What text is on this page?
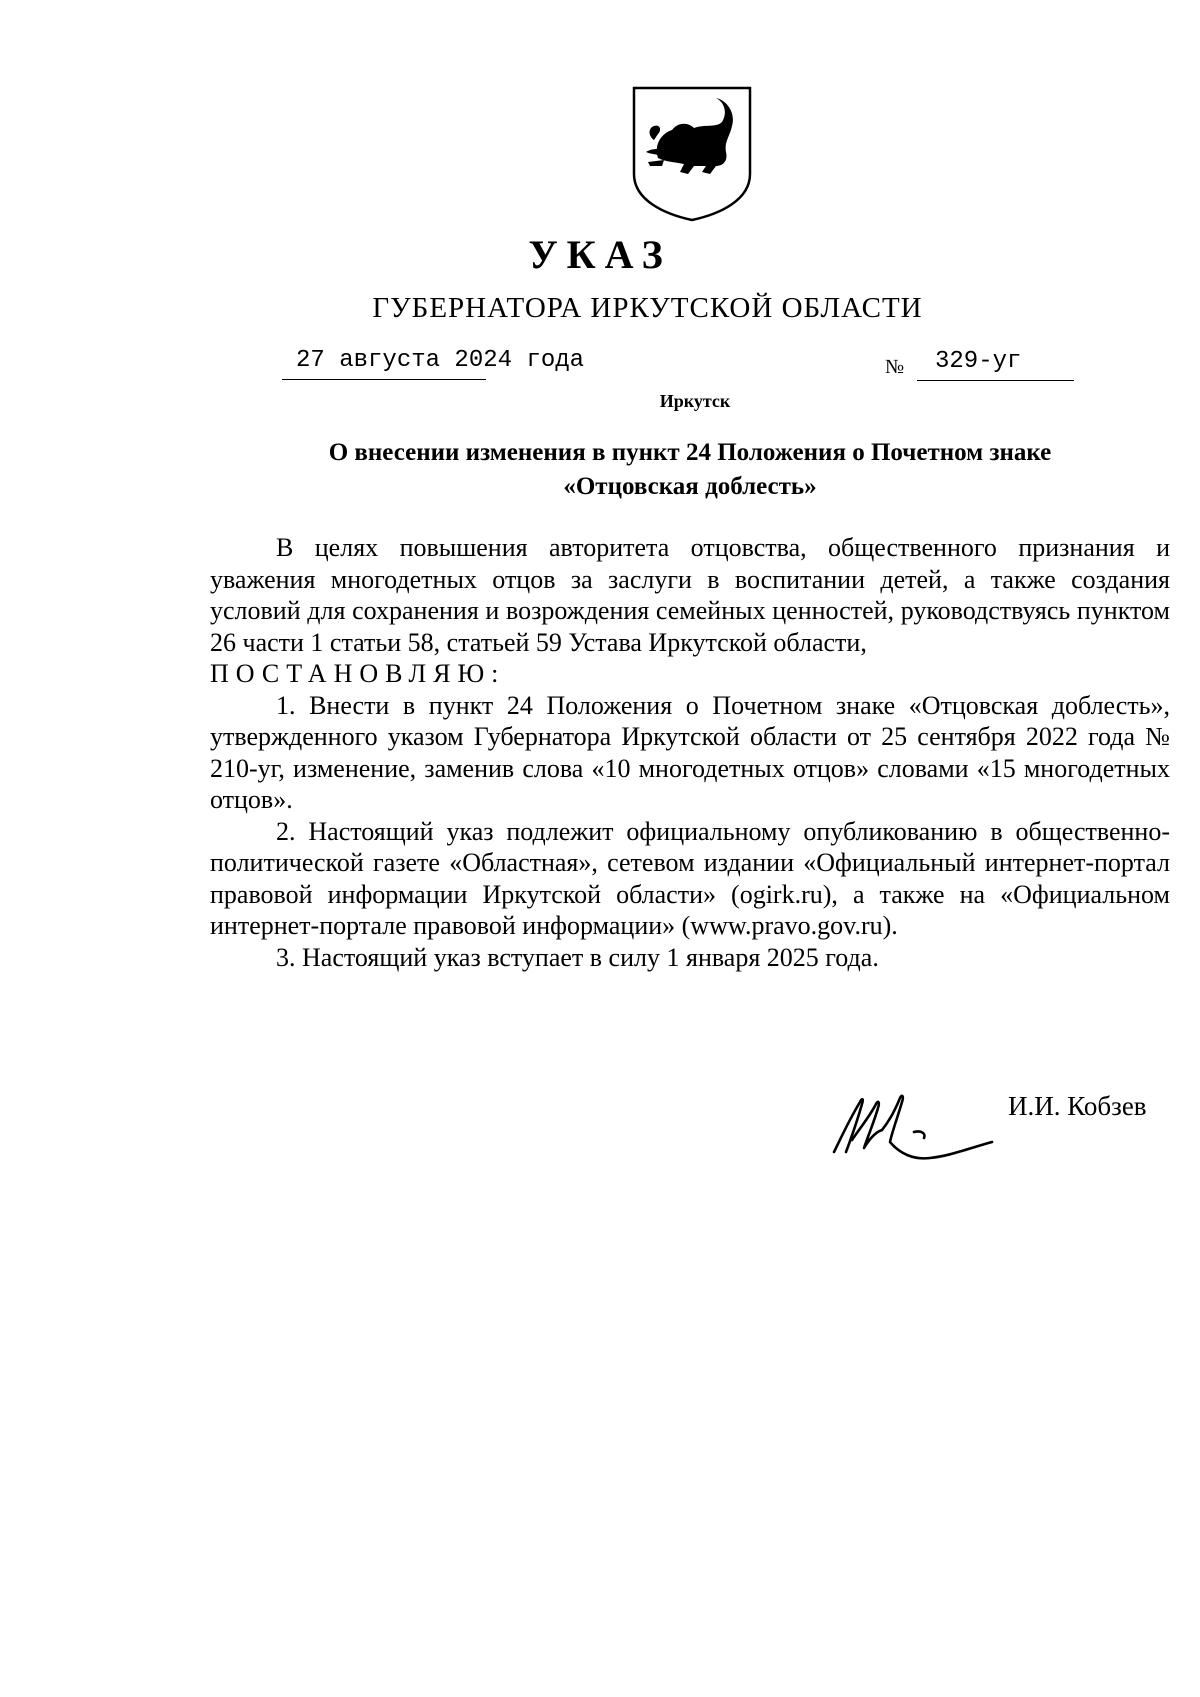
УКАЗ
ГУБЕРНАТОРА ИРКУТСКОЙ ОБЛАСТИ
27 августа 2024 года	№ 329-уг
Иркутск
О внесении изменения в пункт 24 Положения о Почетном знаке
«Отцовская доблесть»

В целях повышения авторитета отцовства, общественного признания и уважения многодетных отцов за заслуги в воспитании детей, а также создания условий для сохранения и возрождения семейных ценностей, руководствуясь пунктом 26 части 1 статьи 58, статьей 59 Устава Иркутской области,

ПОСТАНОВЛЯЮ:

1. Внести в пункт 24 Положения о Почетном знаке «Отцовская доблесть», утвержденного указом Губернатора Иркутской области от 25 сентября 2022 года № 210-уг, изменение, заменив слова «10 многодетных отцов» словами «15 многодетных отцов».

2. Настоящий указ подлежит официальному опубликованию в общественно-политической газете «Областная», сетевом издании «Официальный интернет-портал правовой информации Иркутской области» (ogirk.ru), а также на «Официальном интернет-портале правовой информации» (www.pravo.gov.ru).

3. Настоящий указ вступает в силу 1 января 2025 года.

И.И. Кобзев
